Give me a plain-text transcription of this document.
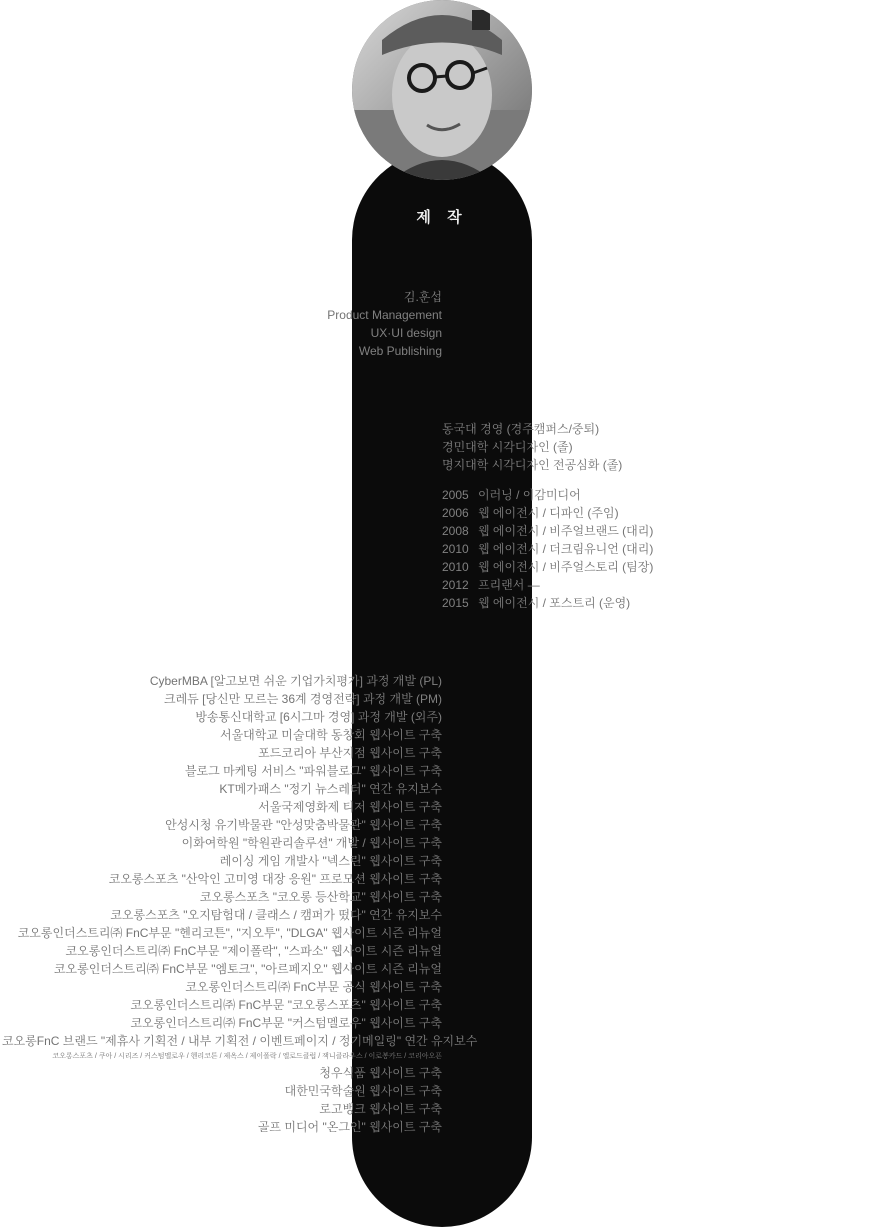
제 작
김.훈섭
Product Management
UX·UI design
Web Publishing
동국대 경영 (경주캠퍼스/중퇴)
경민대학 시각디자인 (졸)
명지대학 시각디자인 전공심화 (졸)
2005 이러닝 / 이감미디어
2006 웹 에이전시 / 디파인 (주임)
2008 웹 에이전시 / 비주얼브랜드 (대리)
2010 웹 에이전시 / 더크림유니언 (대리)
2010 웹 에이전시 / 비주얼스토리 (팀장)
2012 프리랜서 —
2015 웹 에이전시 / 포스트리 (운영)
CyberMBA [알고보면 쉬운 기업가치평가] 과정 개발 (PL)
크레듀 [당신만 모르는 36계 경영전략] 과정 개발 (PM)
방송통신대학교 [6시그마 경영] 과정 개발 (외주)
서울대학교 미술대학 동창회 웹사이트 구축
포드코리아 부산지점 웹사이트 구축
블로그 마케팅 서비스 "파워블로그" 웹사이트 구축
KT메가패스 "정기 뉴스레터" 연간 유지보수
서울국제영화제 티저 웹사이트 구축
안성시청 유기박물관 "안성맞춤박물관" 웹사이트 구축
이화여학원 "학원관리솔루션" 개발 / 웹사이트 구축
레이싱 게임 개발사 "넥스린" 웹사이트 구축
코오롱스포츠 "산악인 고미영 대장 응원" 프로모션 웹사이트 구축
코오롱스포츠 "코오롱 등산학교" 웹사이트 구축
코오롱스포츠 "오지탐험대 / 클래스 / 캠퍼가 떴다" 연간 유지보수
코오롱인더스트리㈜ FnC부문 "헨리코튼", "지오투", "DLGA" 웹사이트 시즌 리뉴얼
코오롱인더스트리㈜ FnC부문 "제이폴락", "스파소" 웹사이트 시즌 리뉴얼
코오롱인더스트리㈜ FnC부문 "엠토크", "아르페지오" 웹사이트 시즌 리뉴얼
코오롱인더스트리㈜ FnC부문 공식 웹사이트 구축
코오롱인더스트리㈜ FnC부문 "코오롱스포츠" 웹사이트 구축
코오롱인더스트리㈜ FnC부문 "커스텀멜로우" 웹사이트 구축
코오롱FnC 브랜드 "제휴사 기획전 / 내부 기획전 / 이벤트페이지 / 정기메일링" 연간 유지보수
코오롱스포츠 / 쿠아 / 시리즈 / 커스텀멜로우 / 헨리코튼 / 제옥스 / 제이폴락 / 엘로드클럽 / 잭니클라우스 / 이로봉카드 / 코리아오픈
청우식품 웹사이트 구축
대한민국학술원 웹사이트 구축
로고뱅크 웹사이트 구축
골프 미디어 "온그인" 웹사이트 구축
